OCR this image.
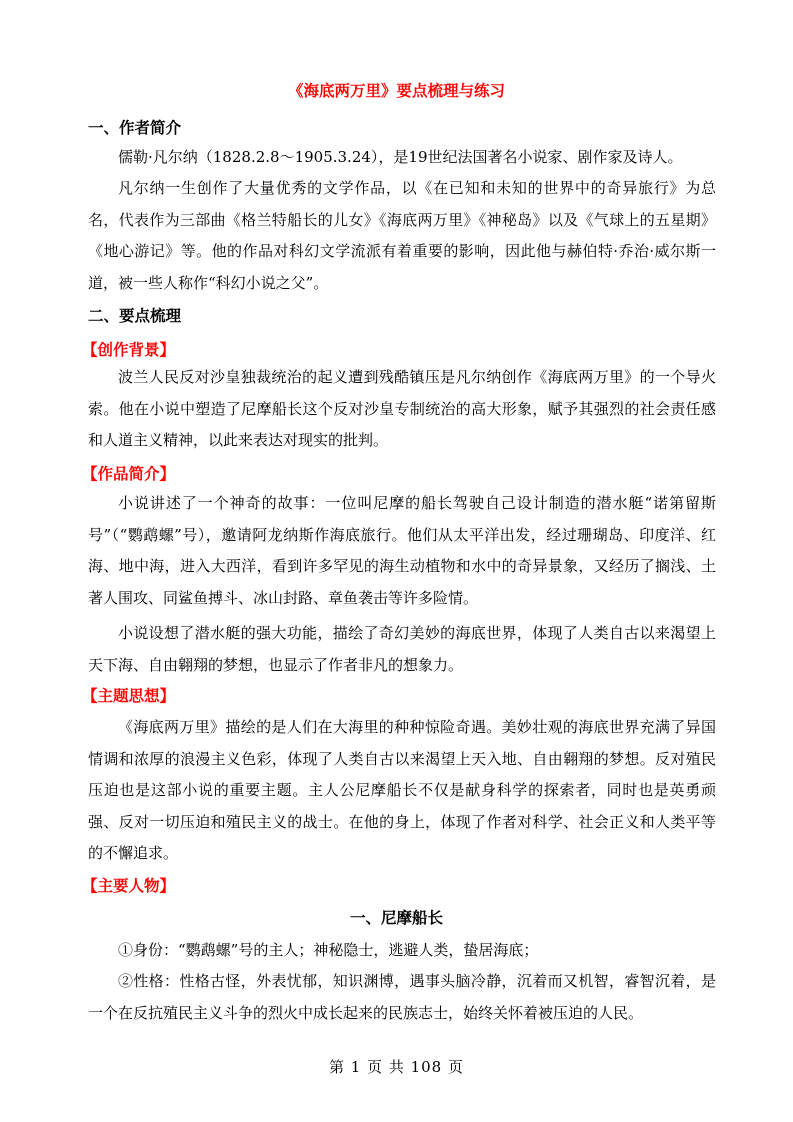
《海底两万里》要点梳理与练习
一、作者简介

儒勒·凡尔纳（1828.2.8～1905.3.24），是19世纪法国著名小说家、剧作家及诗人。

凡尔纳一生创作了大量优秀的文学作品，以《在已知和未知的世界中的奇异旅行》为总名，代表作为三部曲《格兰特船长的儿女》《海底两万里》《神秘岛》以及《气球上的五星期》《地心游记》等。他的作品对科幻文学流派有着重要的影响，因此他与赫伯特·乔治·威尔斯一道，被一些人称作“科幻小说之父”。

二、要点梳理
【创作背景】

波兰人民反对沙皇独裁统治的起义遭到残酷镇压是凡尔纳创作《海底两万里》的一个导火索。他在小说中塑造了尼摩船长这个反对沙皇专制统治的高大形象，赋予其强烈的社会责任感和人道主义精神，以此来表达对现实的批判。

【作品简介】

小说讲述了一个神奇的故事：一位叫尼摩的船长驾驶自己设计制造的潜水艇“诺第留斯号”（“鹦鹉螺”号），邀请阿龙纳斯作海底旅行。他们从太平洋出发，经过珊瑚岛、印度洋、红海、地中海，进入大西洋，看到许多罕见的海生动植物和水中的奇异景象，又经历了搁浅、土著人围攻、同鲨鱼搏斗、冰山封路、章鱼袭击等许多险情。

小说设想了潜水艇的强大功能，描绘了奇幻美妙的海底世界，体现了人类自古以来渴望上天下海、自由翱翔的梦想，也显示了作者非凡的想象力。

【主题思想】

《海底两万里》描绘的是人们在大海里的种种惊险奇遇。美妙壮观的海底世界充满了异国情调和浓厚的浪漫主义色彩，体现了人类自古以来渴望上天入地、自由翱翔的梦想。反对殖民压迫也是这部小说的重要主题。主人公尼摩船长不仅是献身科学的探索者，同时也是英勇顽强、反对一切压迫和殖民主义的战士。在他的身上，体现了作者对科学、社会正义和人类平等的不懈追求。

【主要人物】
一、尼摩船长

①身份：“鹦鹉螺”号的主人；神秘隐士，逃避人类，蛰居海底；

②性格：性格古怪，外表忧郁，知识渊博，遇事头脑冷静，沉着而又机智，睿智沉着，是一个在反抗殖民主义斗争的烈火中成长起来的民族志士，始终关怀着被压迫的人民。

第 1 页 共 108 页
